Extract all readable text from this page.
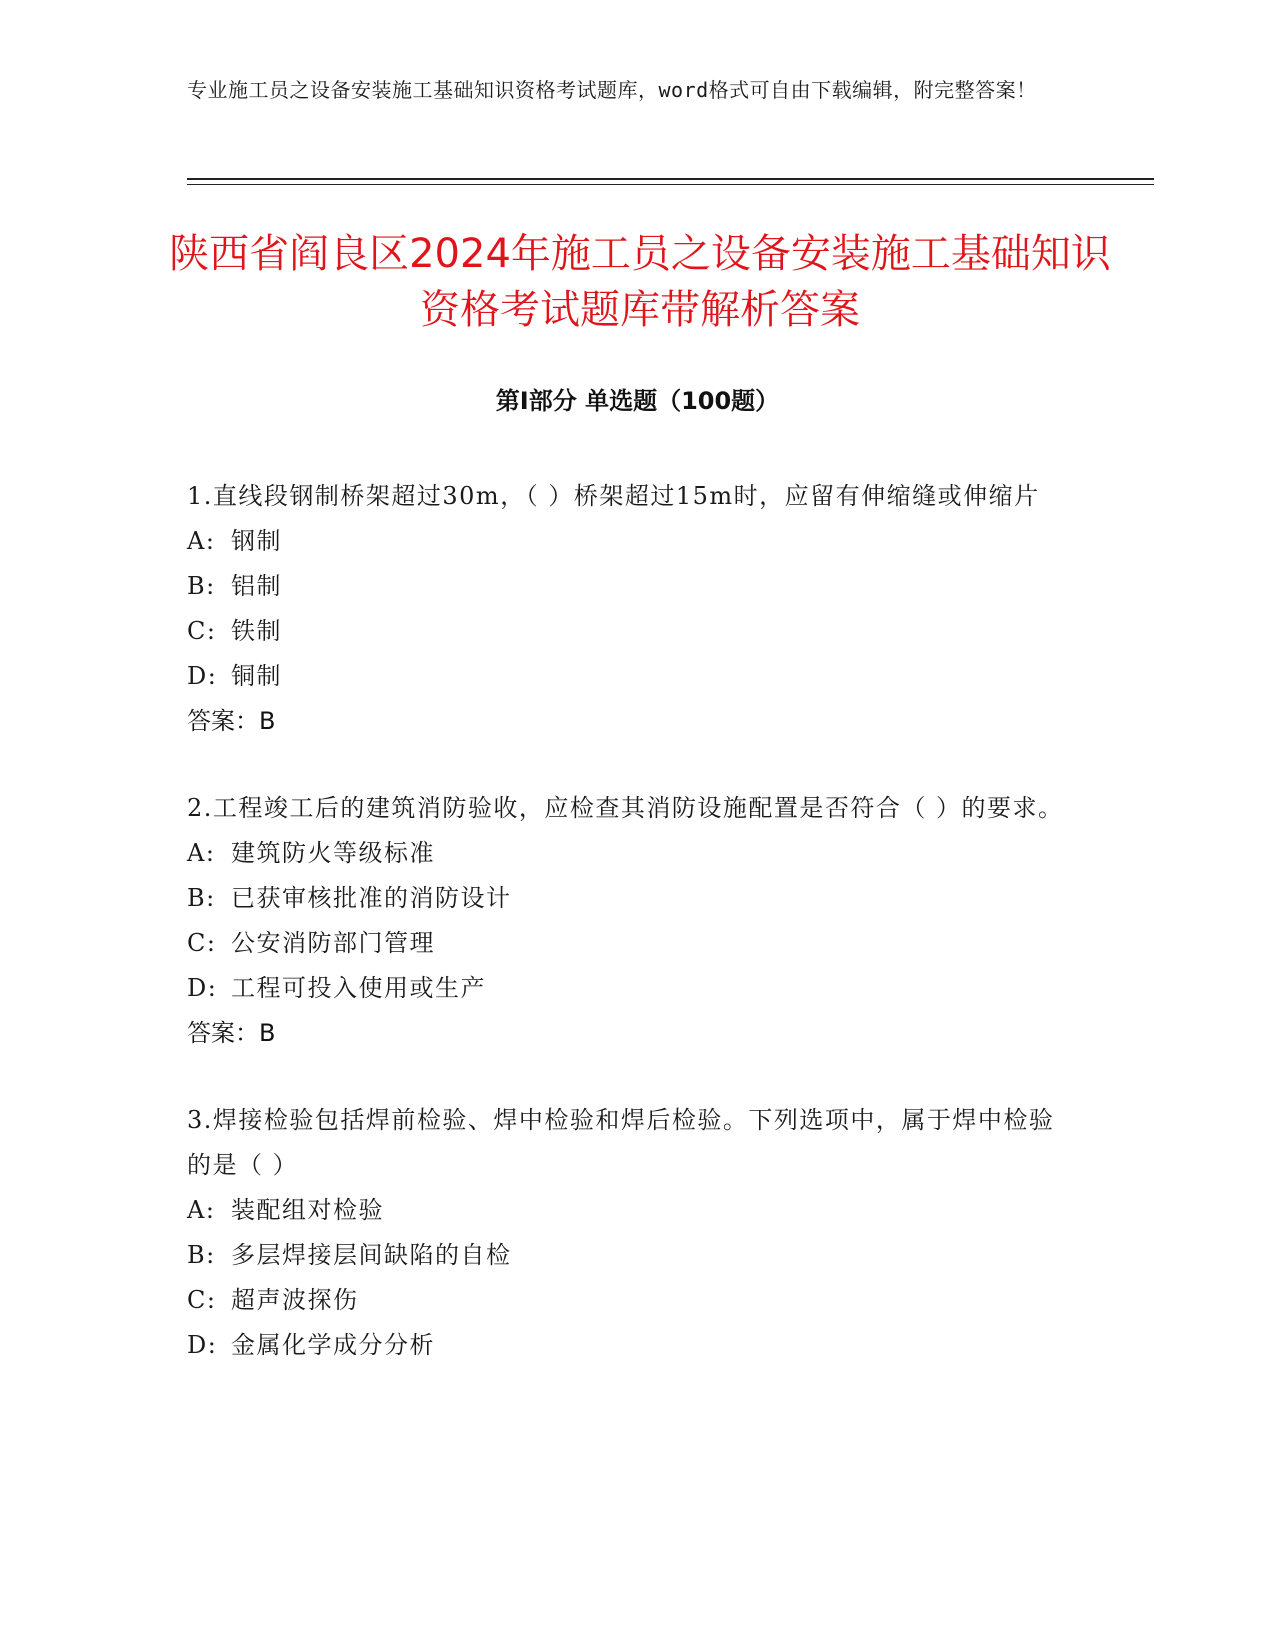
专业施工员之设备安装施工基础知识资格考试题库，word格式可自由下载编辑，附完整答案！
陕西省阎良区2024年施工员之设备安装施工基础知识资格考试题库带解析答案
第Ⅰ部分 单选题（100题）
1.直线段钢制桥架超过30m，（ ）桥架超过15m时，应留有伸缩缝或伸缩片
A: 钢制
B: 铝制
C: 铁制
D: 铜制
答案：B
2.工程竣工后的建筑消防验收，应检查其消防设施配置是否符合（ ）的要求。
A: 建筑防火等级标准
B: 已获审核批准的消防设计
C: 公安消防部门管理
D: 工程可投入使用或生产
答案：B
3.焊接检验包括焊前检验、焊中检验和焊后检验。下列选项中，属于焊中检验的是（ ）
A: 装配组对检验
B: 多层焊接层间缺陷的自检
C: 超声波探伤
D: 金属化学成分分析
